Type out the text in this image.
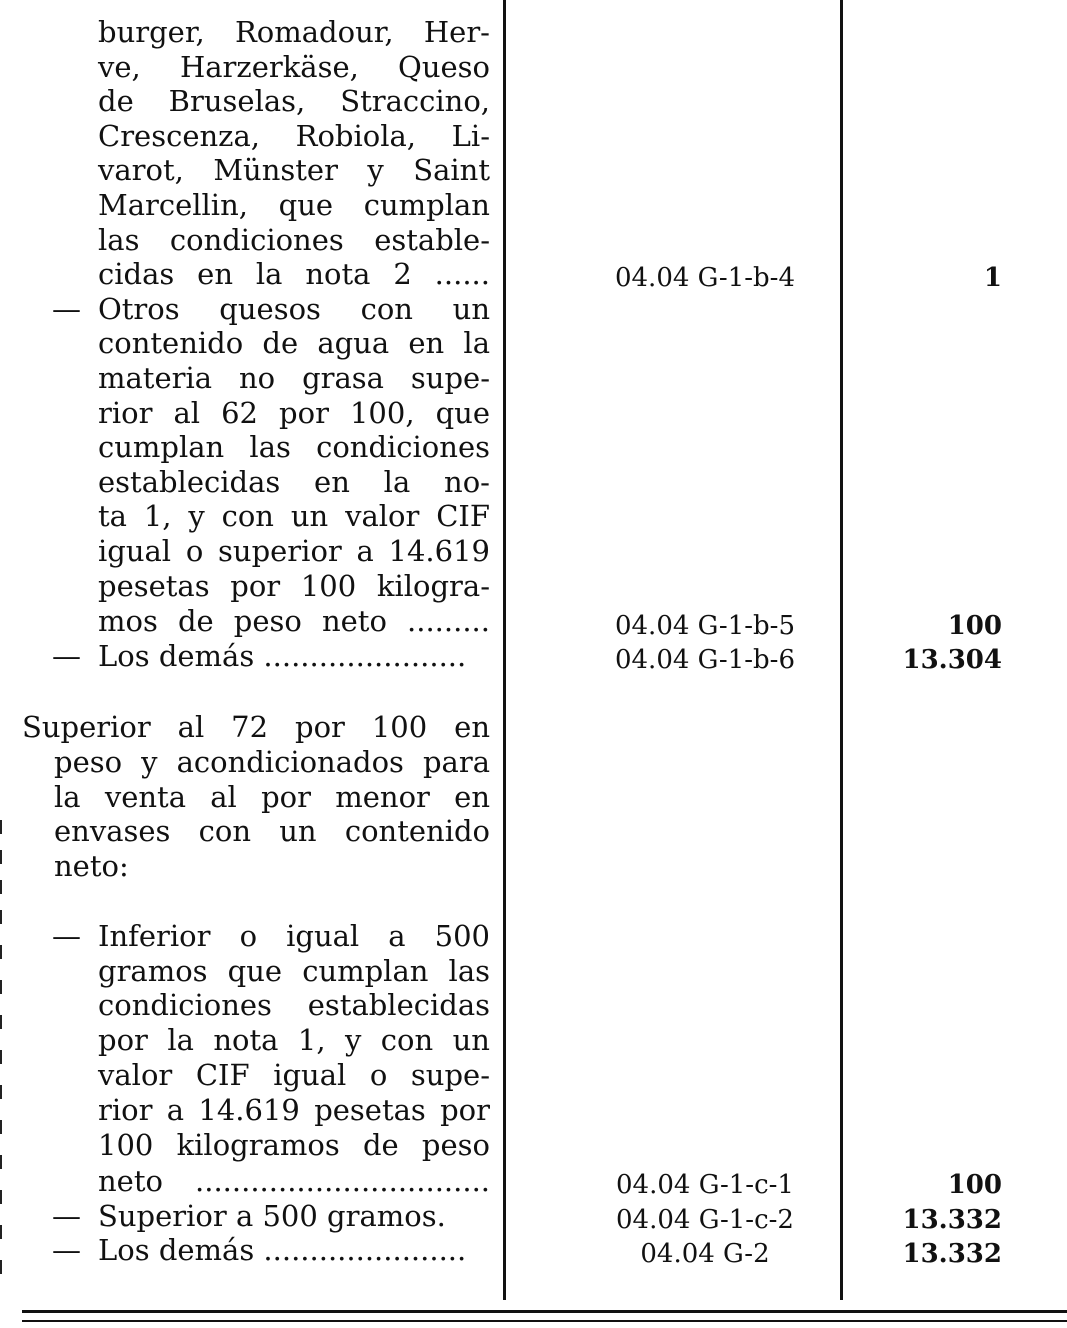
burger, Romadour, Her-
ve, Harzerkäse, Queso
de Bruselas, Straccino,
Crescenza, Robiola, Li-
varot, Münster y Saint
Marcellin, que cumplan
las condiciones estable-
cidas en la nota 2 ......	04.04 G-1-b-4	1
— Otros quesos con un
contenido de agua en la
materia no grasa supe-
rior al 62 por 100, que
cumplan las condiciones
establecidas en la no-
ta 1, y con un valor CIF
igual o superior a 14.619
pesetas por 100 kilogra-
mos de peso neto .........	04.04 G-1-b-5	100
— Los demás ......................	04.04 G-1-b-6	13.304
Superior al 72 por 100 en
peso y acondicionados para
la venta al por menor en
envases con un contenido
neto:
— Inferior o igual a 500
gramos que cumplan las
condiciones establecidas
por la nota 1, y con un
valor CIF igual o supe-
rior a 14.619 pesetas por
100 kilogramos de peso
neto ................................	04.04 G-1-c-1	100
— Superior a 500 gramos.	04.04 G-1-c-2	13.332
— Los demás ......................	04.04 G-2	13.332
